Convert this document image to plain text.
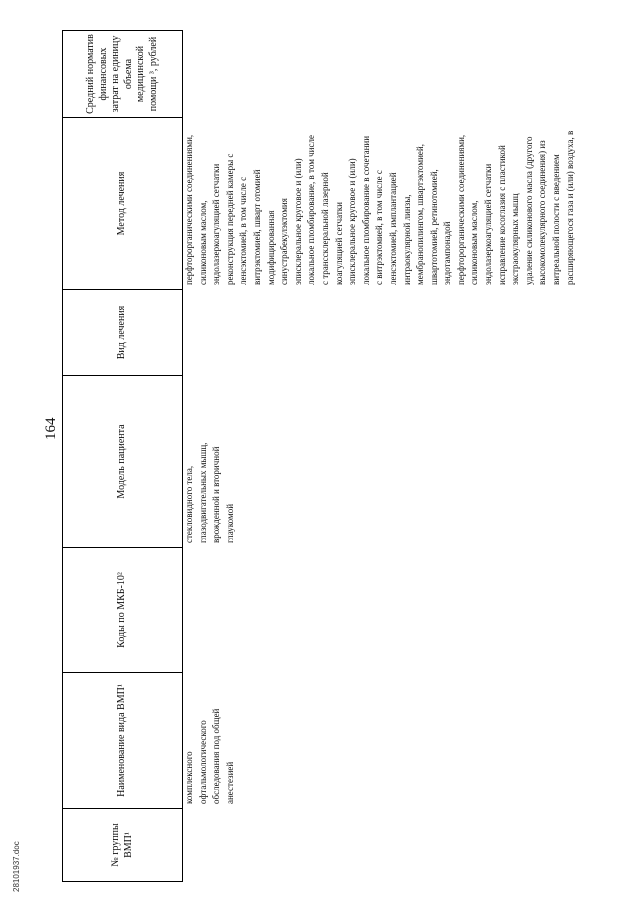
164
№ группы ВМП¹
Наименование вида ВМП¹
Коды по МКБ-10²
Модель пациента
Вид лечения
Метод лечения
Средний норматив финансовых затрат на единицу объема медицинской помощи ³, рублей
комплексного офтальмологического обследования под общей анестезией
стекловидного тела, глазодвигательных мышц, врожденной и вторичной глаукомой
перфторорганическими соединениями, силиконовым маслом, эндолазеркоагуляцией сетчатки реконструкция передней камеры с ленсэктомией, в том числе с витрэктомией, шварт отомией модифицированная синустрабекулэктомия эписклеральное круговое и (или) локальное пломбирование, в том числе с транссклеральной лазерной коагуляцией сетчатки эписклеральное круговое и (или) локальное пломбирование в сочетании с витрэктомией, в том числе с ленсэктомией, имплантацией интраокулярной линзы, мембранопилингом, швартэктомией, швартотомией, ретинотомией, эндотампонадой перфторорганическими соединениями, силиконовым маслом, эндолазеркоагуляцией сетчатки исправление косоглазия с пластикой экстраокулярных мышц удаление силиконового масла (другого высокомолекулярного соединения) из витреальной полости с введением расширяющегося газа и (или) воздуха, в
28101937.doc
